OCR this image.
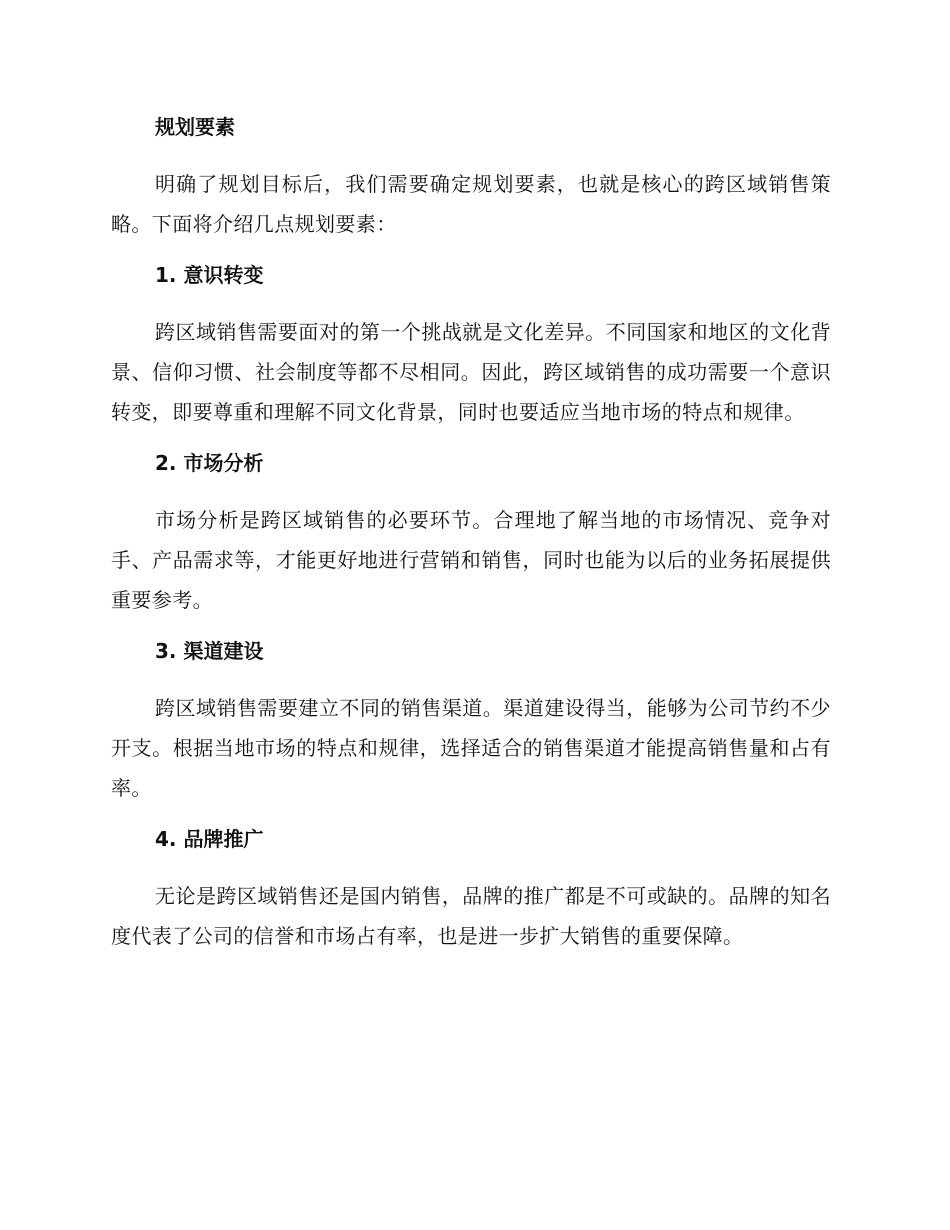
规划要素

明确了规划目标后，我们需要确定规划要素，也就是核心的跨区域销售策略。下面将介绍几点规划要素：

1. 意识转变

跨区域销售需要面对的第一个挑战就是文化差异。不同国家和地区的文化背景、信仰习惯、社会制度等都不尽相同。因此，跨区域销售的成功需要一个意识转变，即要尊重和理解不同文化背景，同时也要适应当地市场的特点和规律。

2. 市场分析

市场分析是跨区域销售的必要环节。合理地了解当地的市场情况、竞争对手、产品需求等，才能更好地进行营销和销售，同时也能为以后的业务拓展提供重要参考。

3. 渠道建设

跨区域销售需要建立不同的销售渠道。渠道建设得当，能够为公司节约不少开支。根据当地市场的特点和规律，选择适合的销售渠道才能提高销售量和占有率。

4. 品牌推广

无论是跨区域销售还是国内销售，品牌的推广都是不可或缺的。品牌的知名度代表了公司的信誉和市场占有率，也是进一步扩大销售的重要保障。
